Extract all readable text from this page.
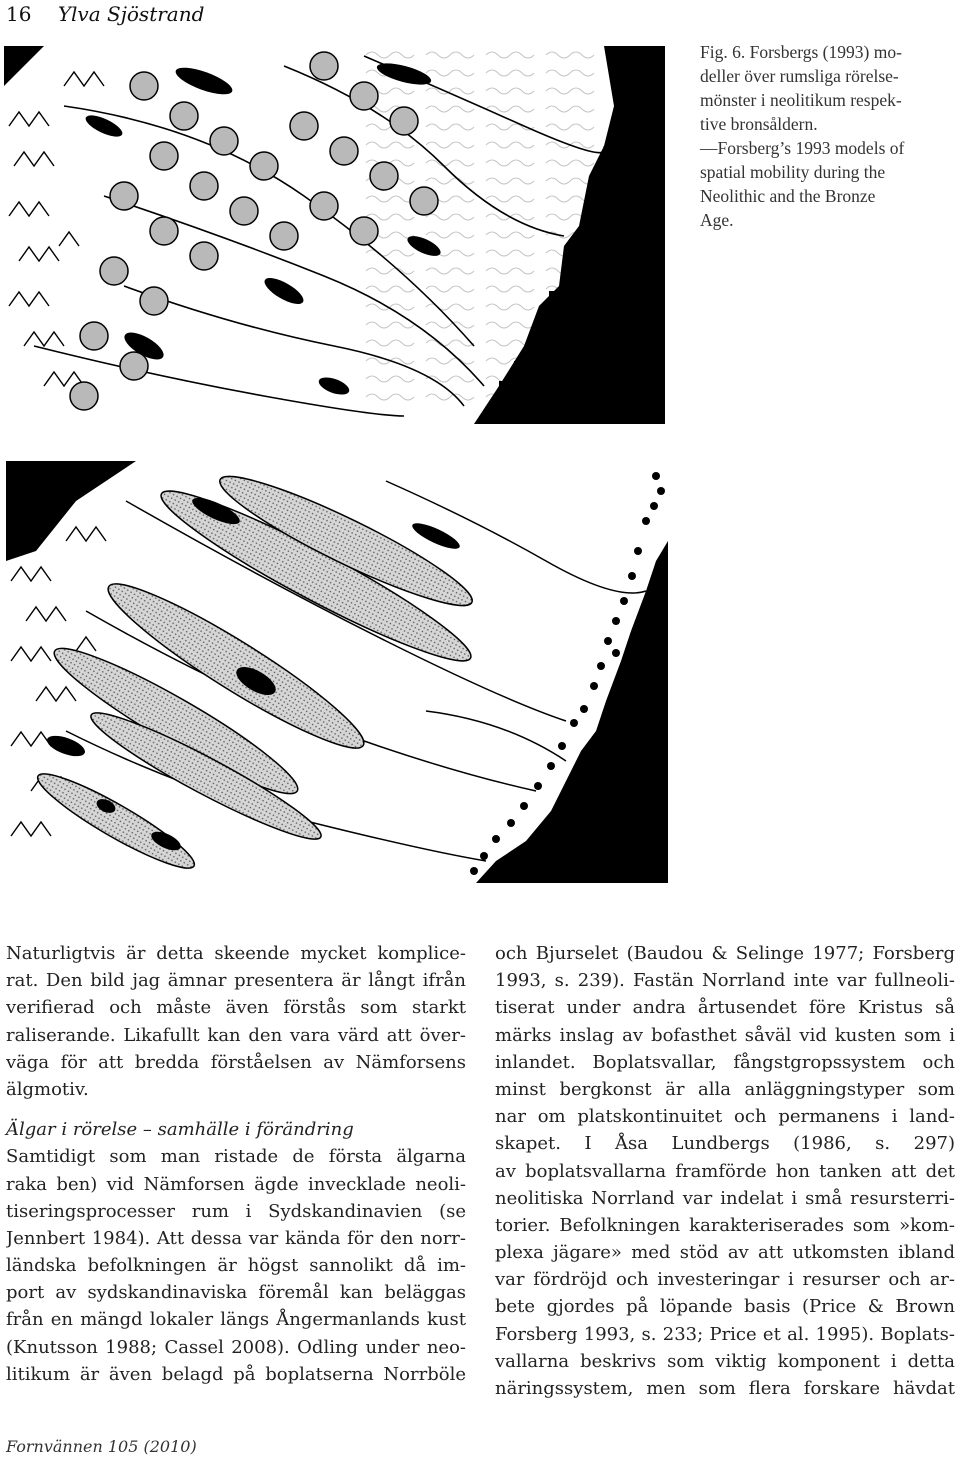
16 Ylva Sjöstrand
Fig. 6. Forsbergs (1993) mo-
deller över rumsliga rörelse-
mönster i neolitikum respek-
tive bronsåldern.
—Forsberg’s 1993 models of
spatial mobility during the
Neolithic and the Bronze
Age.
Naturligtvis är detta skeende mycket komplice-
rat. Den bild jag ämnar presentera är långt ifrån
verifierad och måste även förstås som starkt
raliserande. Likafullt kan den vara värd att över-
väga för att bredda förståelsen av Nämforsens
älgmotiv.
Älgar i rörelse – samhälle i förändring
Samtidigt som man ristade de första älgarna
raka ben) vid Nämforsen ägde invecklade neoli-
tiseringsprocesser rum i Sydskandinavien (se
Jennbert 1984). Att dessa var kända för den norr-
ländska befolkningen är högst sannolikt då im-
port av sydskandinaviska föremål kan beläggas
från en mängd lokaler längs Ångermanlands kust
(Knutsson 1988; Cassel 2008). Odling under neo-
litikum är även belagd på boplatserna Norrböle
och Bjurselet (Baudou & Selinge 1977; Forsberg
1993, s. 239). Fastän Norrland inte var fullneoli-
tiserat under andra årtusendet före Kristus så
märks inslag av bofasthet såväl vid kusten som i
inlandet. Boplatsvallar, fångstgropssystem och
minst bergkonst är alla anläggningstyper som
nar om platskontinuitet och permanens i land-
skapet. I Åsa Lundbergs (1986, s. 297)
av boplatsvallarna framförde hon tanken att det
neolitiska Norrland var indelat i små resursterri-
torier. Befolkningen karakteriserades som »kom-
plexa jägare» med stöd av att utkomsten ibland
var fördröjd och investeringar i resurser och ar-
bete gjordes på löpande basis (Price & Brown
Forsberg 1993, s. 233; Price et al. 1995). Boplats-
vallarna beskrivs som viktig komponent i detta
näringssystem, men som flera forskare hävdat
Fornvännen 105 (2010)
